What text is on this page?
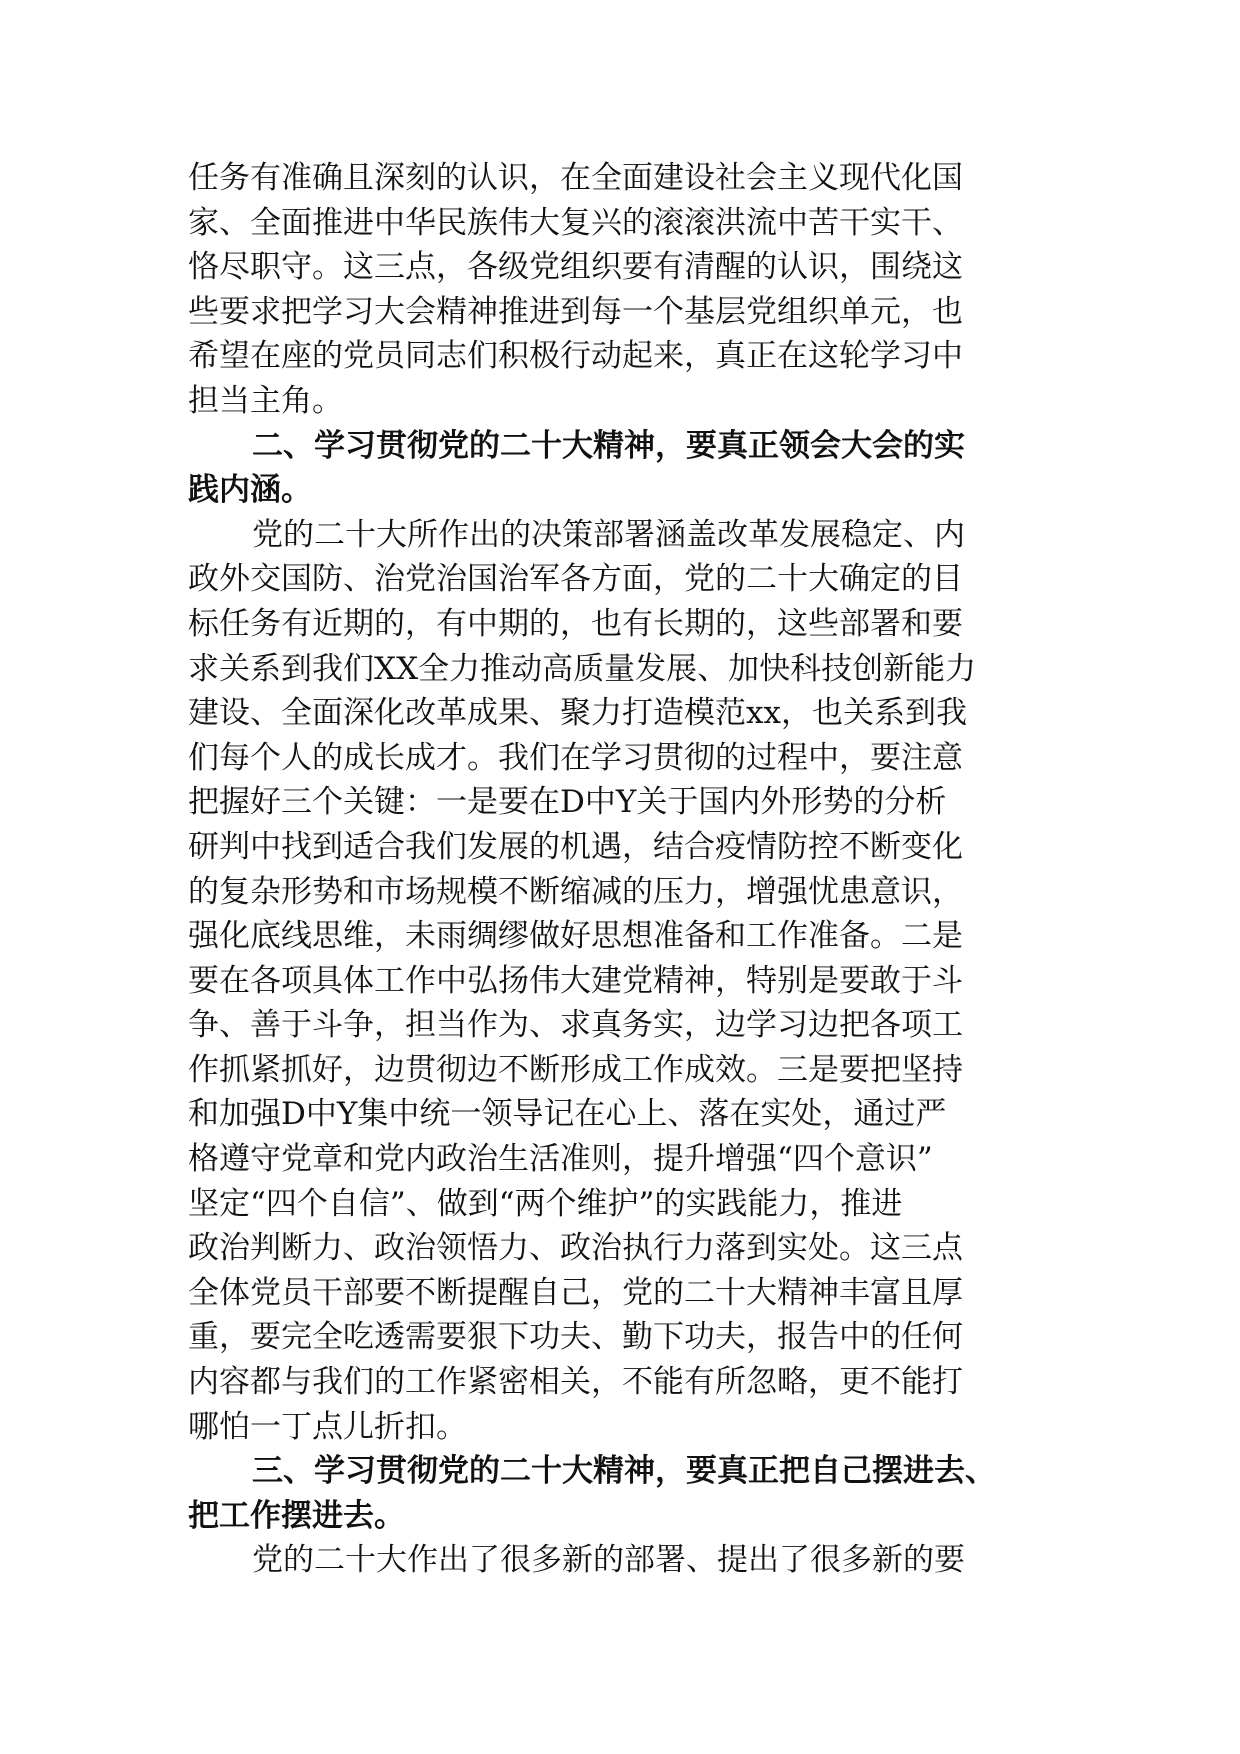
任务有准确且深刻的认识，在全面建设社会主义现代化国
家、全面推进中华民族伟大复兴的滚滚洪流中苦干实干、
恪尽职守。这三点，各级党组织要有清醒的认识，围绕这
些要求把学习大会精神推进到每一个基层党组织单元，也
希望在座的党员同志们积极行动起来，真正在这轮学习中
担当主角。
二、学习贯彻党的二十大精神，要真正领会大会的实
践内涵。
党的二十大所作出的决策部署涵盖改革发展稳定、内
政外交国防、治党治国治军各方面，党的二十大确定的目
标任务有近期的，有中期的，也有长期的，这些部署和要
求关系到我们XX全力推动高质量发展、加快科技创新能力
建设、全面深化改革成果、聚力打造模范xx，也关系到我
们每个人的成长成才。我们在学习贯彻的过程中，要注意
把握好三个关键：一是要在D中Y关于国内外形势的分析
研判中找到适合我们发展的机遇，结合疫情防控不断变化
的复杂形势和市场规模不断缩减的压力，增强忧患意识，
强化底线思维，未雨绸缪做好思想准备和工作准备。二是
要在各项具体工作中弘扬伟大建党精神，特别是要敢于斗
争、善于斗争，担当作为、求真务实，边学习边把各项工
作抓紧抓好，边贯彻边不断形成工作成效。三是要把坚持
和加强D中Y集中统一领导记在心上、落在实处，通过严
格遵守党章和党内政治生活准则，提升增强“四个意识”
坚定“四个自信”、做到“两个维护”的实践能力，推进
政治判断力、政治领悟力、政治执行力落到实处。这三点
全体党员干部要不断提醒自己，党的二十大精神丰富且厚
重，要完全吃透需要狠下功夫、勤下功夫，报告中的任何
内容都与我们的工作紧密相关，不能有所忽略，更不能打
哪怕一丁点儿折扣。
三、学习贯彻党的二十大精神，要真正把自己摆进去、
把工作摆进去。
党的二十大作出了很多新的部署、提出了很多新的要
